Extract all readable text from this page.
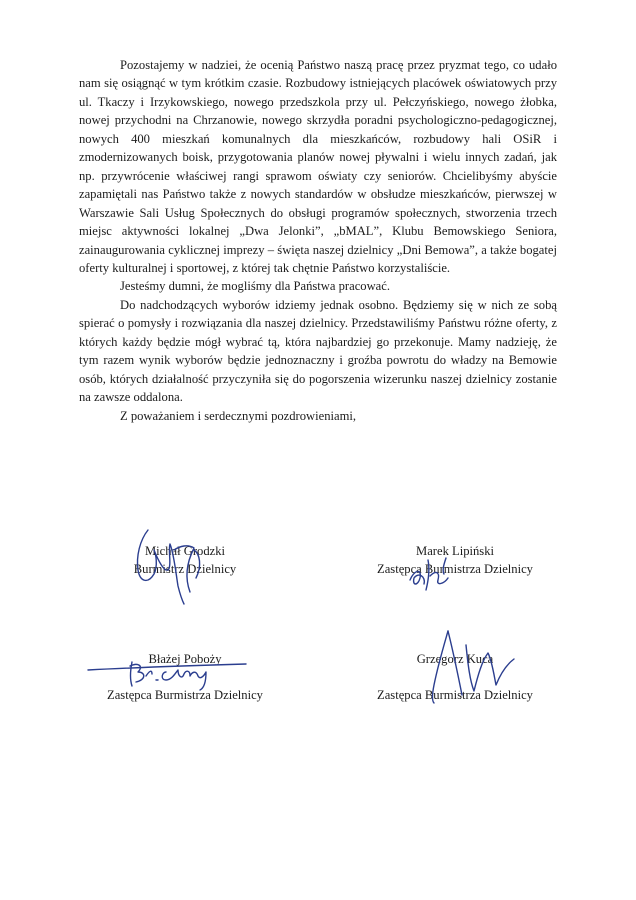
Pozostajemy w nadziei, że ocenią Państwo naszą pracę przez pryzmat tego, co udało nam się osiągnąć w tym krótkim czasie. Rozbudowy istniejących placówek oświatowych przy ul. Tkaczy i Irzykowskiego, nowego przedszkola przy ul. Pełczyńskiego, nowego żłobka, nowej przychodni na Chrzanowie, nowego skrzydła poradni psychologiczno-pedagogicznej, nowych 400 mieszkań komunalnych dla mieszkańców, rozbudowy hali OSiR i zmodernizowanych boisk, przygotowania planów nowej pływalni i wielu innych zadań, jak np. przywrócenie właściwej rangi sprawom oświaty czy seniorów. Chcielibyśmy abyście zapamiętali nas Państwo także z nowych standardów w obsłudze mieszkańców, pierwszej w Warszawie Sali Usług Społecznych do obsługi programów społecznych, stworzenia trzech miejsc aktywności lokalnej „Dwa Jelonki”, „bMAL”, Klubu Bemowskiego Seniora, zainaugurowania cyklicznej imprezy – święta naszej dzielnicy „Dni Bemowa”, a także bogatej oferty kulturalnej i sportowej, z której tak chętnie Państwo korzystaliście.

Jesteśmy dumni, że mogliśmy dla Państwa pracować.

Do nadchodzących wyborów idziemy jednak osobno. Będziemy się w nich ze sobą spierać o pomysły i rozwiązania dla naszej dzielnicy. Przedstawiliśmy Państwu różne oferty, z których każdy będzie mógł wybrać tą, która najbardziej go przekonuje. Mamy nadzieję, że tym razem wynik wyborów będzie jednoznaczny i groźba powrotu do władzy na Bemowie osób, których działalność przyczyniła się do pogorszenia wizerunku naszej dzielnicy zostanie na zawsze oddalona.

Z poważaniem i serdecznymi pozdrowieniami,

Michał Grodzki
Burmistrz Dzielnicy
Marek Lipiński
Zastępca Burmistrza Dzielnicy
Błażej Poboży
Zastępca Burmistrza Dzielnicy
Grzegorz Kuca
Zastępca Burmistrza Dzielnicy
